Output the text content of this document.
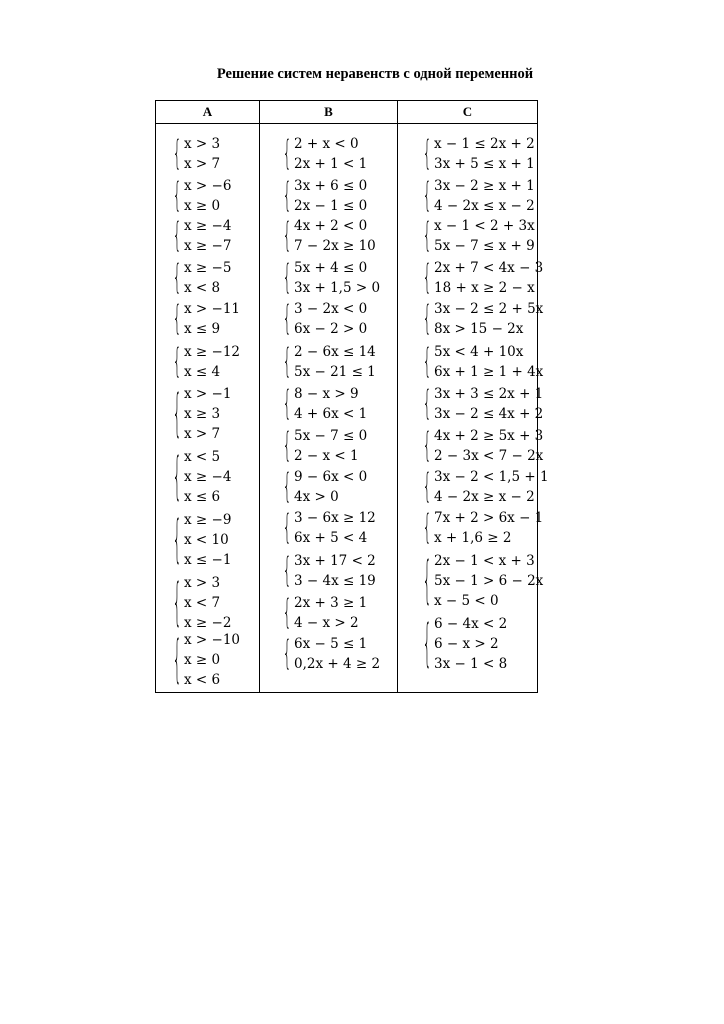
Решение систем неравенств с одной переменной
A	B	C
{ x > 3
x > 7
{ x > −6
x ≥ 0
{ x ≥ −4
x ≥ −7
{ x ≥ −5
x < 8
{ x > −11
x ≤ 9
{ x ≥ −12
x ≤ 4
{ x > −1
x ≥ 3
x > 7
{ x < 5
x ≥ −4
x ≤ 6
{ x ≥ −9
x < 10
x ≤ −1
{ x > 3
x < 7
x ≥ −2
{ x > −10
x ≥ 0
x < 6
{ 2 + x < 0
2x + 1 < 1
{ 3x + 6 ≤ 0
2x − 1 ≤ 0
{ 4x + 2 < 0
7 − 2x ≥ 10
{ 5x + 4 ≤ 0
3x + 1,5 > 0
{ 3 − 2x < 0
6x − 2 > 0
{ 2 − 6x ≤ 14
5x − 21 ≤ 1
{ 8 − x > 9
4 + 6x < 1
{ 5x − 7 ≤ 0
2 − x < 1
{ 9 − 6x < 0
4x > 0
{ 3 − 6x ≥ 12
6x + 5 < 4
{ 3x + 17 < 2
3 − 4x ≤ 19
{ 2x + 3 ≥ 1
4 − x > 2
{ 6x − 5 ≤ 1
0,2x + 4 ≥ 2
{ x − 1 ≤ 2x + 2
3x + 5 ≤ x + 1
{ 3x − 2 ≥ x + 1
4 − 2x ≤ x − 2
{ x − 1 < 2 + 3x
5x − 7 ≤ x + 9
{ 2x + 7 < 4x − 3
18 + x ≥ 2 − x
{ 3x − 2 ≤ 2 + 5x
8x > 15 − 2x
{ 5x < 4 + 10x
6x + 1 ≥ 1 + 4x
{ 3x + 3 ≤ 2x + 1
3x − 2 ≤ 4x + 2
{ 4x + 2 ≥ 5x + 3
2 − 3x < 7 − 2x
{ 3x − 2 < 1,5 + 1
4 − 2x ≥ x − 2
{ 7x + 2 > 6x − 1
x + 1,6 ≥ 2
{ 2x − 1 < x + 3
5x − 1 > 6 − 2x
x − 5 < 0
{ 6 − 4x < 2
6 − x > 2
3x − 1 < 8
